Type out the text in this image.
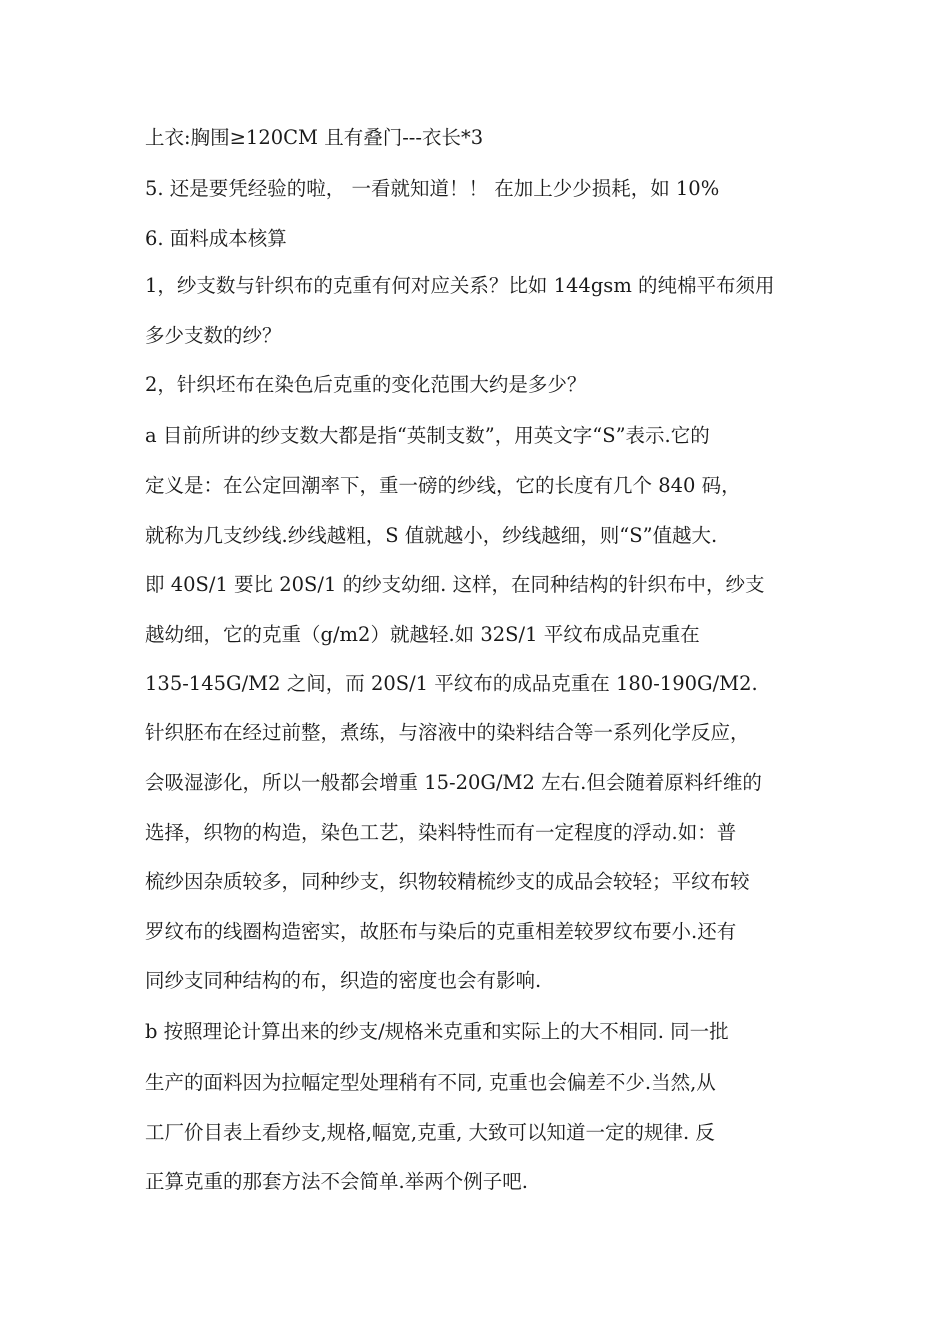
上衣:胸围≥120CM 且有叠门---衣长*3
5. 还是要凭经验的啦， 一看就知道！！ 在加上少少损耗，如 10%
6. 面料成本核算
1，纱支数与针织布的克重有何对应关系？比如 144gsm 的纯棉平布须用
多少支数的纱？
2，针织坯布在染色后克重的变化范围大约是多少？
a 目前所讲的纱支数大都是指“英制支数”，用英文字“S”表示.它的
定义是：在公定回潮率下，重一磅的纱线，它的长度有几个 840 码，
就称为几支纱线.纱线越粗，S 值就越小，纱线越细，则“S”值越大.
即 40S/1 要比 20S/1 的纱支幼细. 这样，在同种结构的针织布中，纱支
越幼细，它的克重（g/m2）就越轻.如 32S/1 平纹布成品克重在
135-145G/M2 之间，而 20S/1 平纹布的成品克重在 180-190G/M2.
针织胚布在经过前整，煮练，与溶液中的染料结合等一系列化学反应，
会吸湿澎化，所以一般都会增重 15-20G/M2 左右.但会随着原料纤维的
选择，织物的构造，染色工艺，染料特性而有一定程度的浮动.如：普
梳纱因杂质较多，同种纱支，织物较精梳纱支的成品会较轻；平纹布较
罗纹布的线圈构造密实，故胚布与染后的克重相差较罗纹布要小.还有
同纱支同种结构的布，织造的密度也会有影响.
b 按照理论计算出来的纱支/规格米克重和实际上的大不相同. 同一批
生产的面料因为拉幅定型处理稍有不同, 克重也会偏差不少.当然,从
工厂价目表上看纱支,规格,幅宽,克重, 大致可以知道一定的规律. 反
正算克重的那套方法不会简单.举两个例子吧.
